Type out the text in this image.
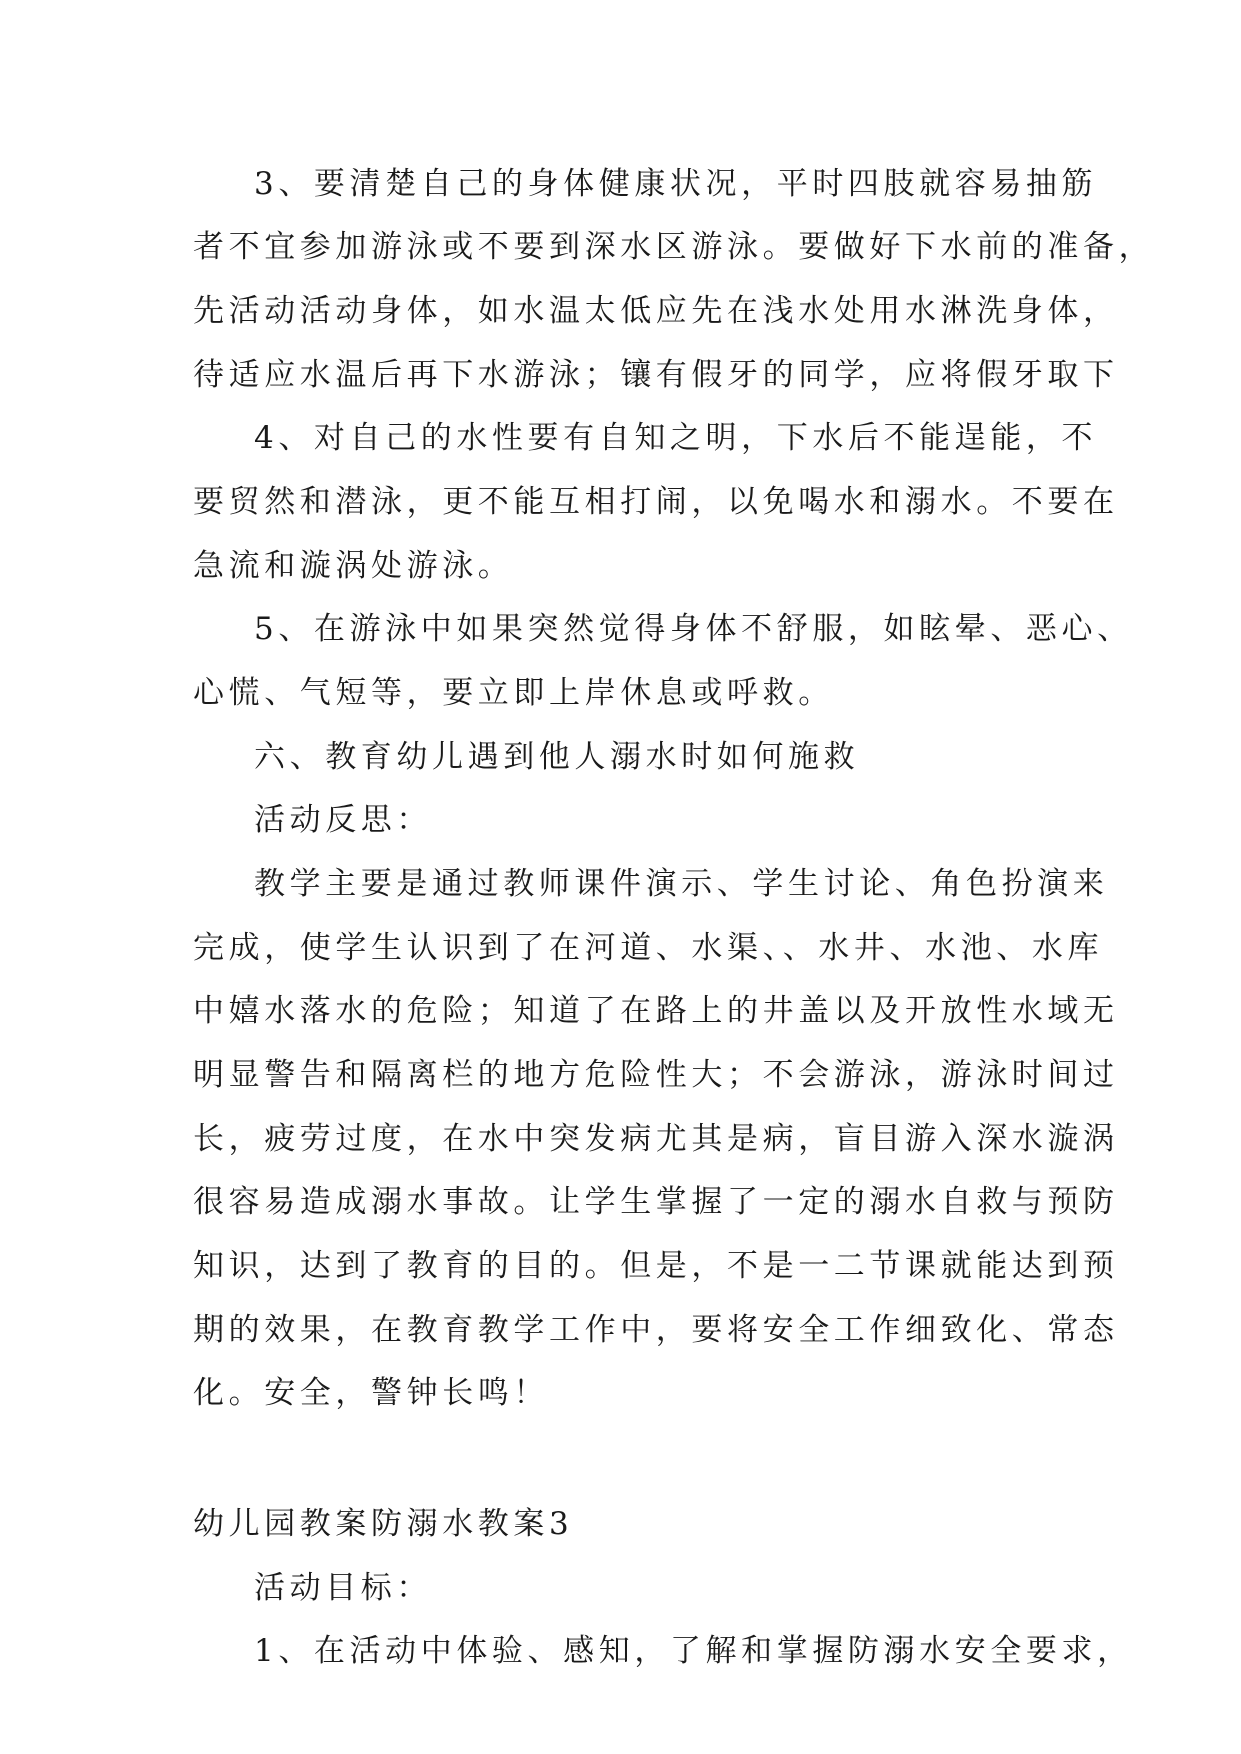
3、要清楚自己的身体健康状况，平时四肢就容易抽筋
者不宜参加游泳或不要到深水区游泳。要做好下水前的准备，
先活动活动身体，如水温太低应先在浅水处用水淋洗身体，
待适应水温后再下水游泳；镶有假牙的同学，应将假牙取下
4、对自己的水性要有自知之明，下水后不能逞能，不
要贸然和潜泳，更不能互相打闹，以免喝水和溺水。不要在
急流和漩涡处游泳。
5、在游泳中如果突然觉得身体不舒服，如眩晕、恶心、
心慌、气短等，要立即上岸休息或呼救。
六、教育幼儿遇到他人溺水时如何施救
活动反思：
教学主要是通过教师课件演示、学生讨论、角色扮演来
完成，使学生认识到了在河道、水渠、、水井、水池、水库
中嬉水落水的危险；知道了在路上的井盖以及开放性水域无
明显警告和隔离栏的地方危险性大；不会游泳，游泳时间过
长，疲劳过度，在水中突发病尤其是病，盲目游入深水漩涡
很容易造成溺水事故。让学生掌握了一定的溺水自救与预防
知识，达到了教育的目的。但是，不是一二节课就能达到预
期的效果，在教育教学工作中，要将安全工作细致化、常态
化。安全，警钟长鸣！
幼儿园教案防溺水教案3
活动目标：
1、在活动中体验、感知，了解和掌握防溺水安全要求，
